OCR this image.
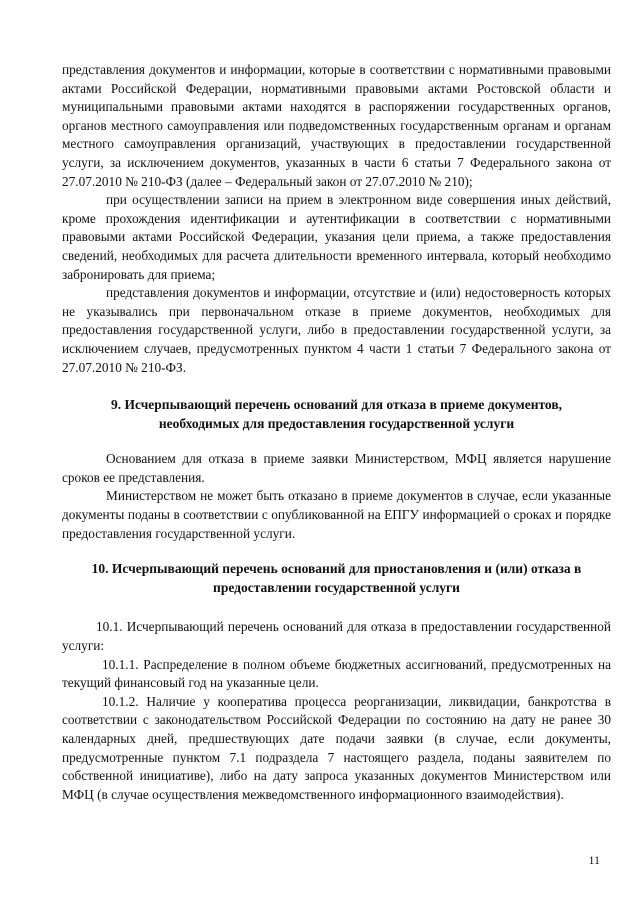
представления документов и информации, которые в соответствии с нормативными правовыми актами Российской Федерации, нормативными правовыми актами Ростовской области и муниципальными правовыми актами находятся в распоряжении государственных органов, органов местного самоуправления или подведомственных государственным органам и органам местного самоуправления организаций, участвующих в предоставлении государственной услуги, за исключением документов, указанных в части 6 статьи 7 Федерального закона от 27.07.2010 № 210-ФЗ (далее – Федеральный закон от 27.07.2010 № 210);

при осуществлении записи на прием в электронном виде совершения иных действий, кроме прохождения идентификации и аутентификации в соответствии с нормативными правовыми актами Российской Федерации, указания цели приема, а также предоставления сведений, необходимых для расчета длительности временного интервала, который необходимо забронировать для приема;

представления документов и информации, отсутствие и (или) недостоверность которых не указывались при первоначальном отказе в приеме документов, необходимых для предоставления государственной услуги, либо в предоставлении государственной услуги, за исключением случаев, предусмотренных пунктом 4 части 1 статьи 7 Федерального закона от 27.07.2010 № 210-ФЗ.

9. Исчерпывающий перечень оснований для отказа в приеме документов,

необходимых для предоставления государственной услуги

Основанием для отказа в приеме заявки Министерством, МФЦ является нарушение сроков ее представления.

Министерством не может быть отказано в приеме документов в случае, если указанные документы поданы в соответствии с опубликованной на ЕПГУ информацией о сроках и порядке предоставления государственной услуги.

10. Исчерпывающий перечень оснований для приостановления и (или) отказа в

предоставлении государственной услуги

10.1. Исчерпывающий перечень оснований для отказа в предоставлении государственной услуги:

10.1.1. Распределение в полном объеме бюджетных ассигнований, предусмотренных на текущий финансовый год на указанные цели.

10.1.2. Наличие у кооператива процесса реорганизации, ликвидации, банкротства в соответствии с законодательством Российской Федерации по состоянию на дату не ранее 30 календарных дней, предшествующих дате подачи заявки (в случае, если документы, предусмотренные пунктом 7.1 подраздела 7 настоящего раздела, поданы заявителем по собственной инициативе), либо на дату запроса указанных документов Министерством или МФЦ (в случае осуществления межведомственного информационного взаимодействия).

11
